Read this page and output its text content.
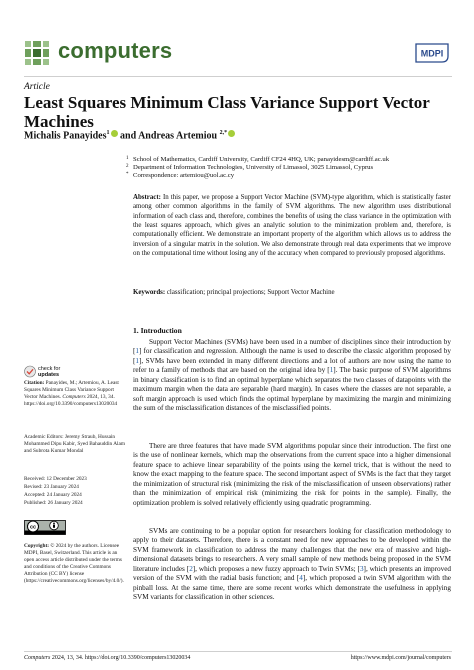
computers	MDPI
Article
Least Squares Minimum Class Variance Support Vector Machines
Michalis Panayides$^1$ and Andreas Artemiou $^{2,*}$
1 School of Mathematics, Cardiff University, Cardiff CF24 4HQ, UK; panayidesm@cardiff.ac.uk
2 Department of Information Technologies, University of Limassol, 3025 Limassol, Cyprus
* Correspondence: artemiou@uol.ac.cy
Abstract: In this paper, we propose a Support Vector Machine (SVM)-type algorithm, which is statistically faster among other common algorithms in the family of SVM algorithms. The new algorithm uses distributional information of each class and, therefore, combines the benefits of using the class variance in the optimization with the least squares approach, which gives an analytic solution to the minimization problem and, therefore, is computationally efficient. We demonstrate an important property of the algorithm which allows us to address the inversion of a singular matrix in the solution. We also demonstrate through real data experiments that we improve on the computational time without losing any of the accuracy when compared to previously proposed algorithms.
Keywords: classification; principal projections; Support Vector Machine
1. Introduction
Support Vector Machines (SVMs) have been used in a number of disciplines since their introduction by [1] for classification and regression. Although the name is used to describe the classic algorithm proposed by [1], SVMs have been extended in many different directions and a lot of authors are now using the name to refer to a family of methods that are based on the original idea by [1]. The basic purpose of SVM algorithms in binary classification is to find an optimal hyperplane which separates the two classes of datapoints with the maximum margin when the data are separable (hard margin). In cases where the classes are not separable, a soft margin approach is used which finds the optimal hyperplane by maximizing the margin and minimizing the sum of the misclassification distances of the misclassified points.
There are three features that have made SVM algorithms popular since their introduction. The first one is the use of nonlinear kernels, which map the observations from the current space into a higher dimensional feature space to achieve linear separability of the points using the kernel trick, that is without the need to know the exact mapping to the feature space. The second important aspect of SVMs is the fact that they target the minimization of structural risk (minimizing the risk of the misclassification of unseen observations) rather than the minimization of empirical risk (minimizing the risk for points in the sample). Finally, the optimization problem is solved relatively efficiently using quadratic programming.
SVMs are continuing to be a popular option for researchers looking for classification methodology to apply to their datasets. Therefore, there is a constant need for new approaches to be developed within the SVM framework in classification to address the many challenges that the new era of massive and high-dimensional datasets brings to researchers. A very small sample of new methods being proposed in the SVM literature includes [2], which proposes a new fuzzy approach to Twin SVMs; [3], which presents an improved version of the SVM with the radial basis function; and [4], which proposed a twin SVM algorithm with the pinball loss. At the same time, there are some recent works which demonstrate the usefulness in applying SVM variants for classification in other sciences.
check for
updates
Citation: Panayides, M.; Artemiou, A. Least Squares Minimum Class Variance Support Vector Machines. Computers 2024, 13, 34. https://doi.org/10.3390/computers13020034
Academic Editors: Jeremy Straub, Hussain Mohammed Dipu Kabir, Syed Bahauddin Alam and Subrota Kumar Mondal
Received: 12 December 2023
Revised: 23 January 2024
Accepted: 24 January 2024
Published: 26 January 2024
cc
Copyright: © 2024 by the authors. Licensee MDPI, Basel, Switzerland. This article is an open access article distributed under the terms and conditions of the Creative Commons Attribution (CC BY) license (https://creativecommons.org/licenses/by/4.0/).
Computers 2024, 13, 34. https://doi.org/10.3390/computers13020034	https://www.mdpi.com/journal/computers
